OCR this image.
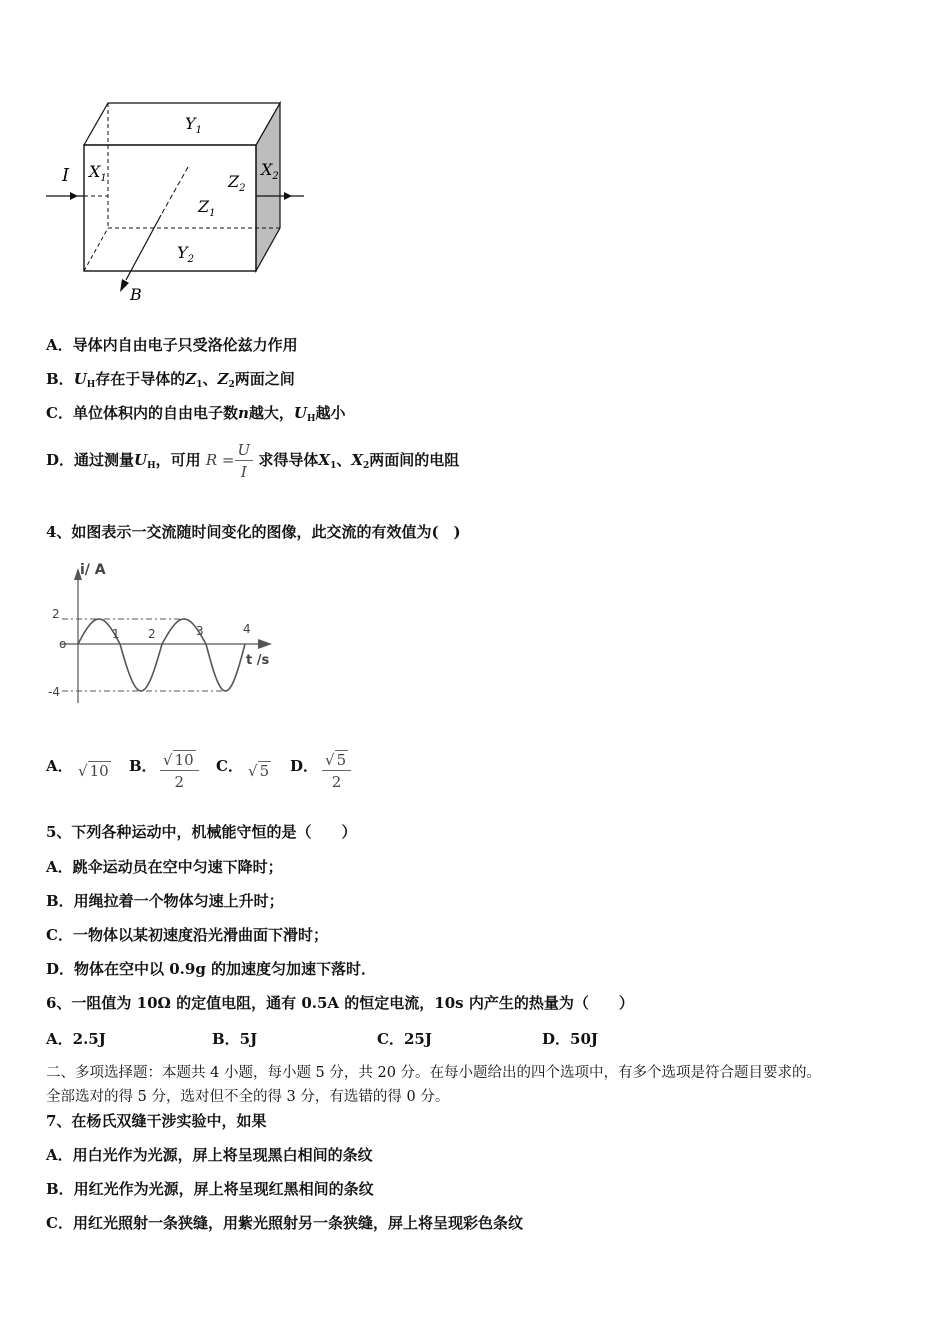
I $X_1$	$X_2$
$Y_1$
$Y_2$
$Z_1$
$Z_2$
B
A．导体内自由电子只受洛伦兹力作用
B．$U_H$存在于导体的$Z_1$、$Z_2$两面之间
C．单位体积内的自由电子数n越大，$U_H$越小
D．通过测量$U_H$，可用 $R = \frac{U}{I}$ 求得导体$X_1$、$X_2$两面间的电阻
4、如图表示一交流随时间变化的图像，此交流的有效值为(　)
i/ A
t /s
2
o
-4
1 2	3	4
A． √ 10 B． $\frac{√ 10}{2}$ C． √ 5 D． $\frac{√ 5}{2}$
5、下列各种运动中，机械能守恒的是（　　）
A．跳伞运动员在空中匀速下降时；
B．用绳拉着一个物体匀速上升时；
C．一物体以某初速度沿光滑曲面下滑时；
D．物体在空中以 0.9g 的加速度匀加速下落时．
6、一阻值为 10Ω 的定值电阻，通有 0.5A 的恒定电流，10s 内产生的热量为（　　）
A．2.5J	B．5J	C．25J	D．50J
二、多项选择题：本题共 4 小题，每小题 5 分，共 20 分。在每小题给出的四个选项中，有多个选项是符合题目要求的。
全部选对的得 5 分，选对但不全的得 3 分，有选错的得 0 分。
7、在杨氏双缝干涉实验中，如果
A．用白光作为光源，屏上将呈现黑白相间的条纹
B．用红光作为光源，屏上将呈现红黑相间的条纹
C．用红光照射一条狭缝，用紫光照射另一条狭缝，屏上将呈现彩色条纹
